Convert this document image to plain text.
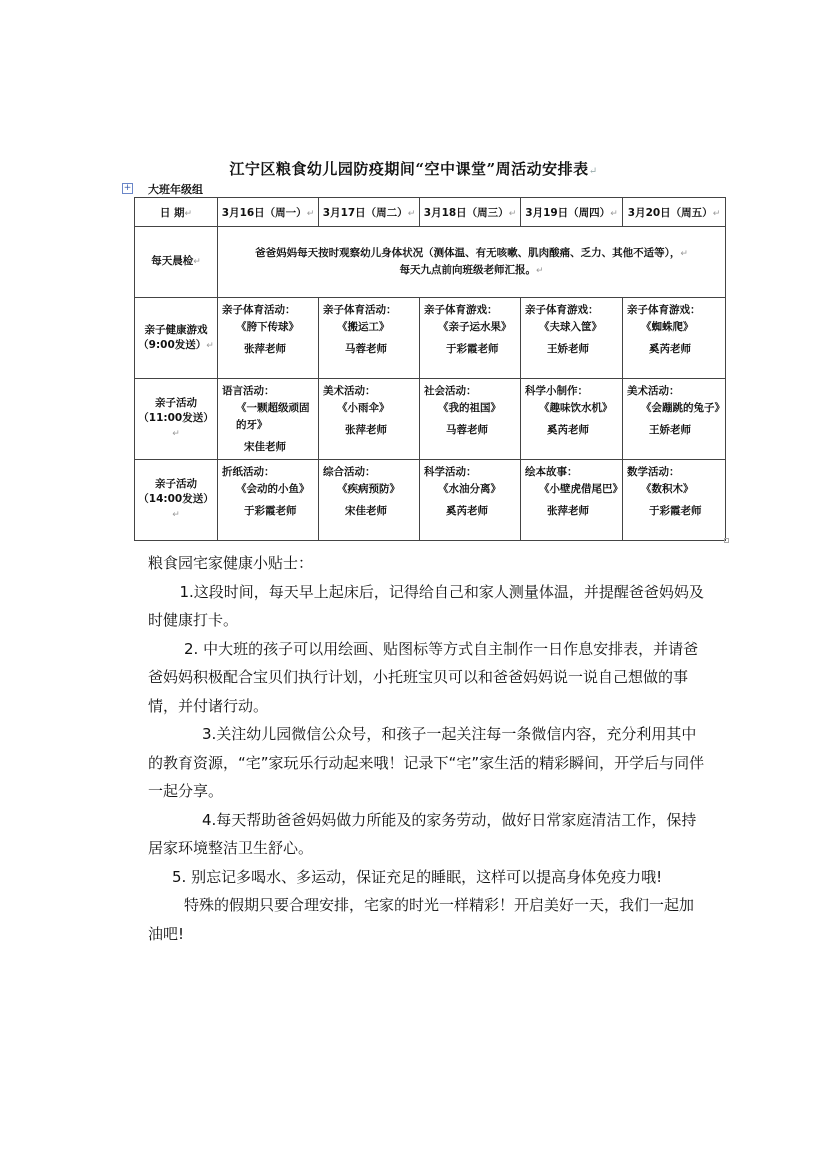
江宁区粮食幼儿园防疫期间“空中课堂”周活动安排表↵
+ 大班年级组
日 期↵	3月16日（周一）↵	3月17日（周二）↵	3月18日（周三）↵	3月19日（周四）↵	3月20日（周五）↵
每天晨检↵	爸爸妈妈每天按时观察幼儿身体状况（测体温、有无咳嗽、肌肉酸痛、乏力、其他不适等），↵
每天九点前向班级老师汇报。↵				

亲子健康游戏
（9:00发送）↵	亲子体育活动：
《胯下传球》
张萍老师	亲子体育活动：
《搬运工》
马蓉老师	亲子体育游戏：
《亲子运水果》
于彩霞老师	亲子体育游戏：
《夫球入筐》
王娇老师	亲子体育游戏：
《蜘蛛爬》
奚芮老师

亲子活动
（11:00发送）↵	语言活动：
《一颗超级顽固的牙》
宋佳老师	美术活动：
《小雨伞》
张萍老师	社会活动：
《我的祖国》
马蓉老师	科学小制作：
《趣味饮水机》
奚芮老师	美术活动：
《会蹦跳的兔子》
王娇老师

亲子活动
（14:00发送）↵	折纸活动：
《会动的小鱼》
于彩霞老师	综合活动：
《疾病预防》
宋佳老师	科学活动：
《水油分离》
奚芮老师	绘本故事：
《小壁虎借尾巴》
张萍老师	数学活动：
《数积木》
于彩霞老师

粮食园宅家健康小贴士：

1.这段时间，每天早上起床后，记得给自己和家人测量体温，并提醒爸爸妈妈及时健康打卡。

2. 中大班的孩子可以用绘画、贴图标等方式自主制作一日作息安排表，并请爸爸妈妈积极配合宝贝们执行计划，小托班宝贝可以和爸爸妈妈说一说自己想做的事情，并付诸行动。

3.关注幼儿园微信公众号，和孩子一起关注每一条微信内容，充分利用其中的教育资源，“宅”家玩乐行动起来哦！记录下“宅”家生活的精彩瞬间，开学后与同伴一起分享。

4.每天帮助爸爸妈妈做力所能及的家务劳动，做好日常家庭清洁工作，保持居家环境整洁卫生舒心。

5. 别忘记多喝水、多运动，保证充足的睡眠，这样可以提高身体免疫力哦!

特殊的假期只要合理安排，宅家的时光一样精彩！开启美好一天，我们一起加油吧!
